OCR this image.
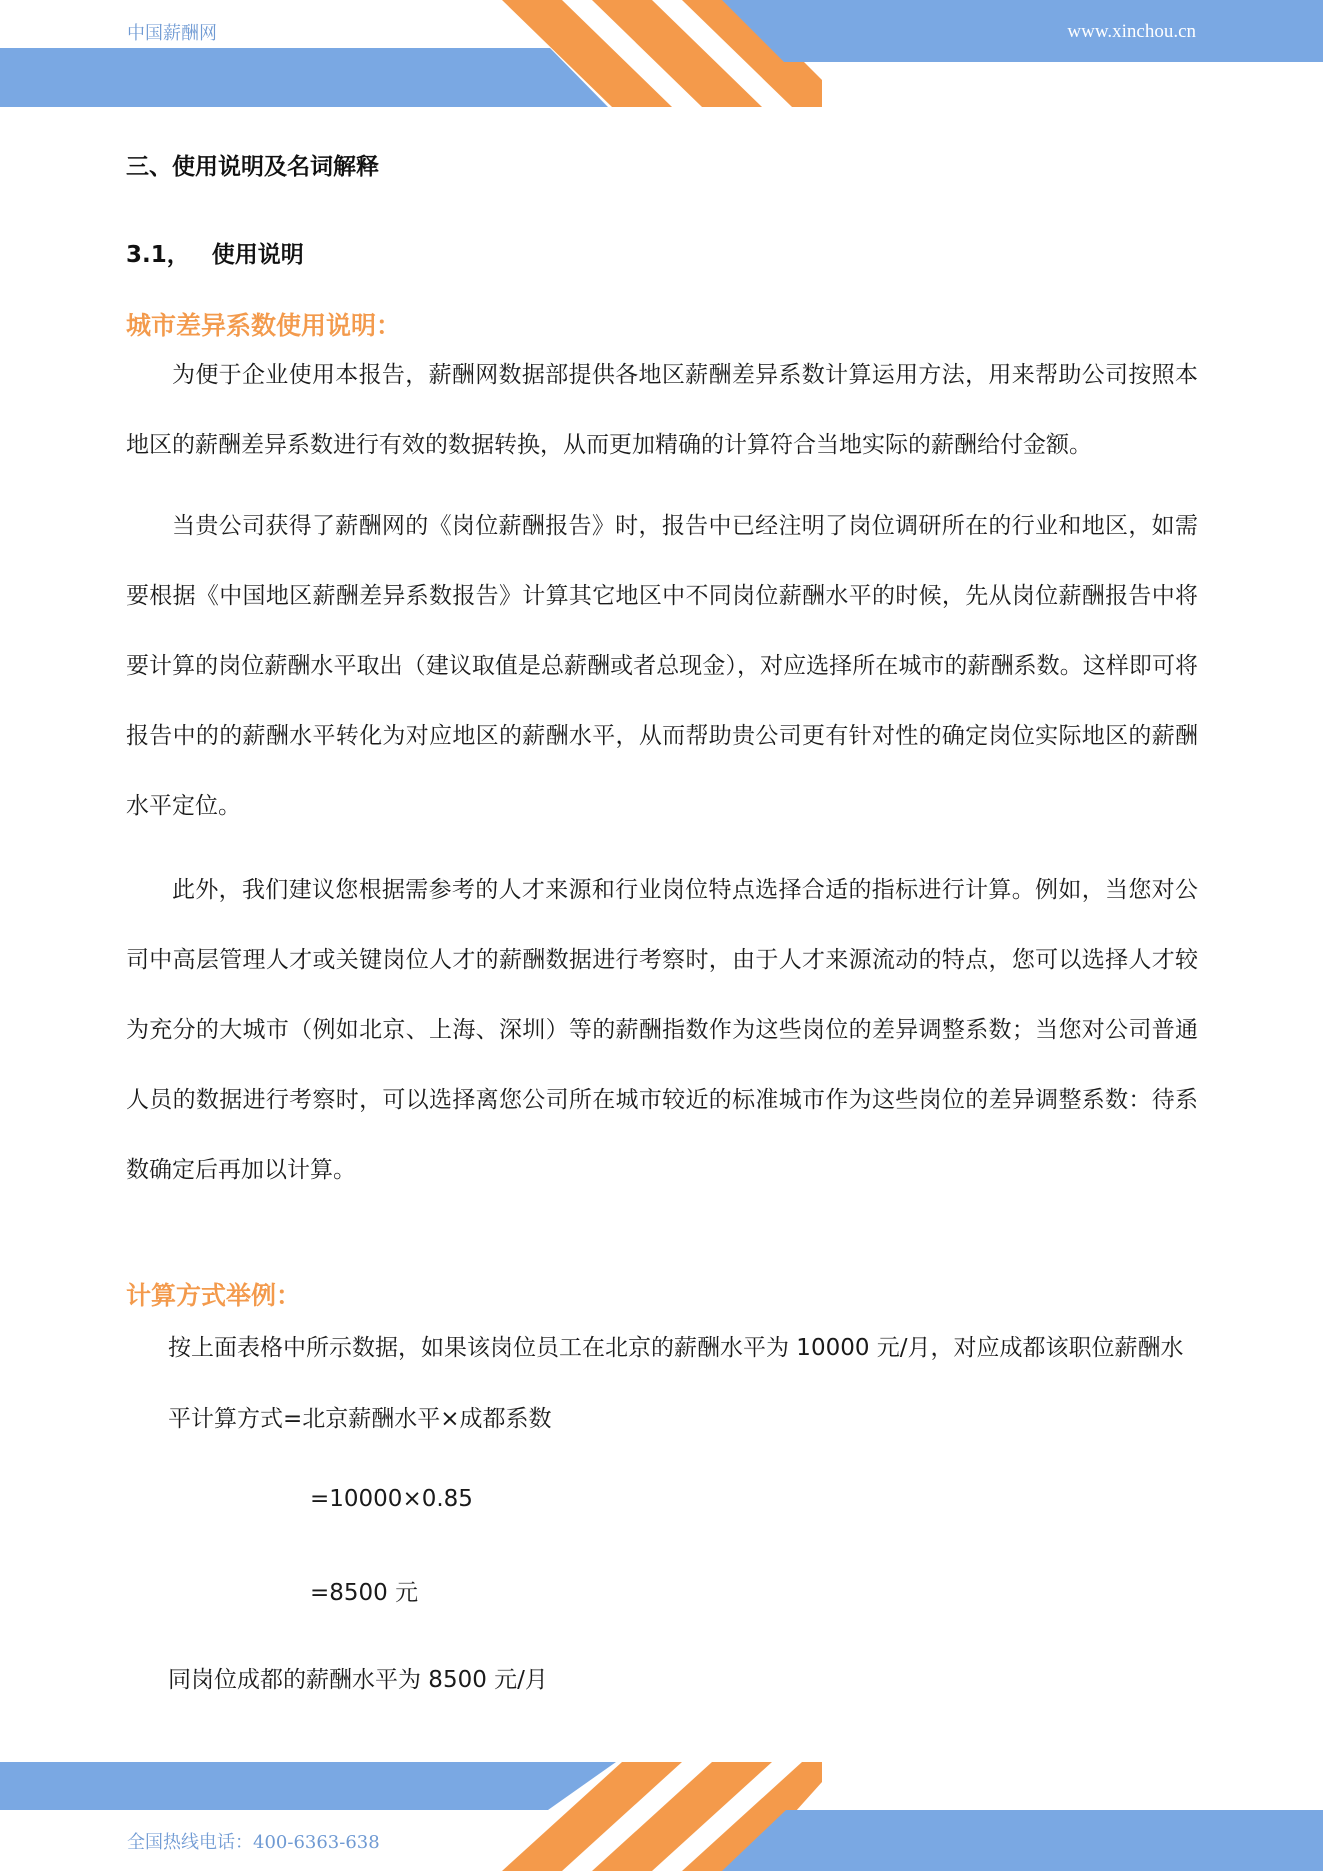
中国薪酬网	www.xinchou.cn
三、使用说明及名词解释
3.1， 使用说明
城市差异系数使用说明：

为便于企业使用本报告，薪酬网数据部提供各地区薪酬差异系数计算运用方法，用来帮助公司按照本地区的薪酬差异系数进行有效的数据转换，从而更加精确的计算符合当地实际的薪酬给付金额。

当贵公司获得了薪酬网的《岗位薪酬报告》时，报告中已经注明了岗位调研所在的行业和地区，如需要根据《中国地区薪酬差异系数报告》计算其它地区中不同岗位薪酬水平的时候，先从岗位薪酬报告中将要计算的岗位薪酬水平取出（建议取值是总薪酬或者总现金），对应选择所在城市的薪酬系数。这样即可将报告中的的薪酬水平转化为对应地区的薪酬水平，从而帮助贵公司更有针对性的确定岗位实际地区的薪酬水平定位。

此外，我们建议您根据需参考的人才来源和行业岗位特点选择合适的指标进行计算。例如，当您对公司中高层管理人才或关键岗位人才的薪酬数据进行考察时，由于人才来源流动的特点，您可以选择人才较为充分的大城市（例如北京、上海、深圳）等的薪酬指数作为这些岗位的差异调整系数；当您对公司普通人员的数据进行考察时，可以选择离您公司所在城市较近的标准城市作为这些岗位的差异调整系数：待系数确定后再加以计算。

计算方式举例：
按上面表格中所示数据，如果该岗位员工在北京的薪酬水平为 10000 元/月，对应成都该职位薪酬水
平计算方式=北京薪酬水平×成都系数
=10000×0.85
=8500 元
同岗位成都的薪酬水平为 8500 元/月
全国热线电话：400-6363-638
